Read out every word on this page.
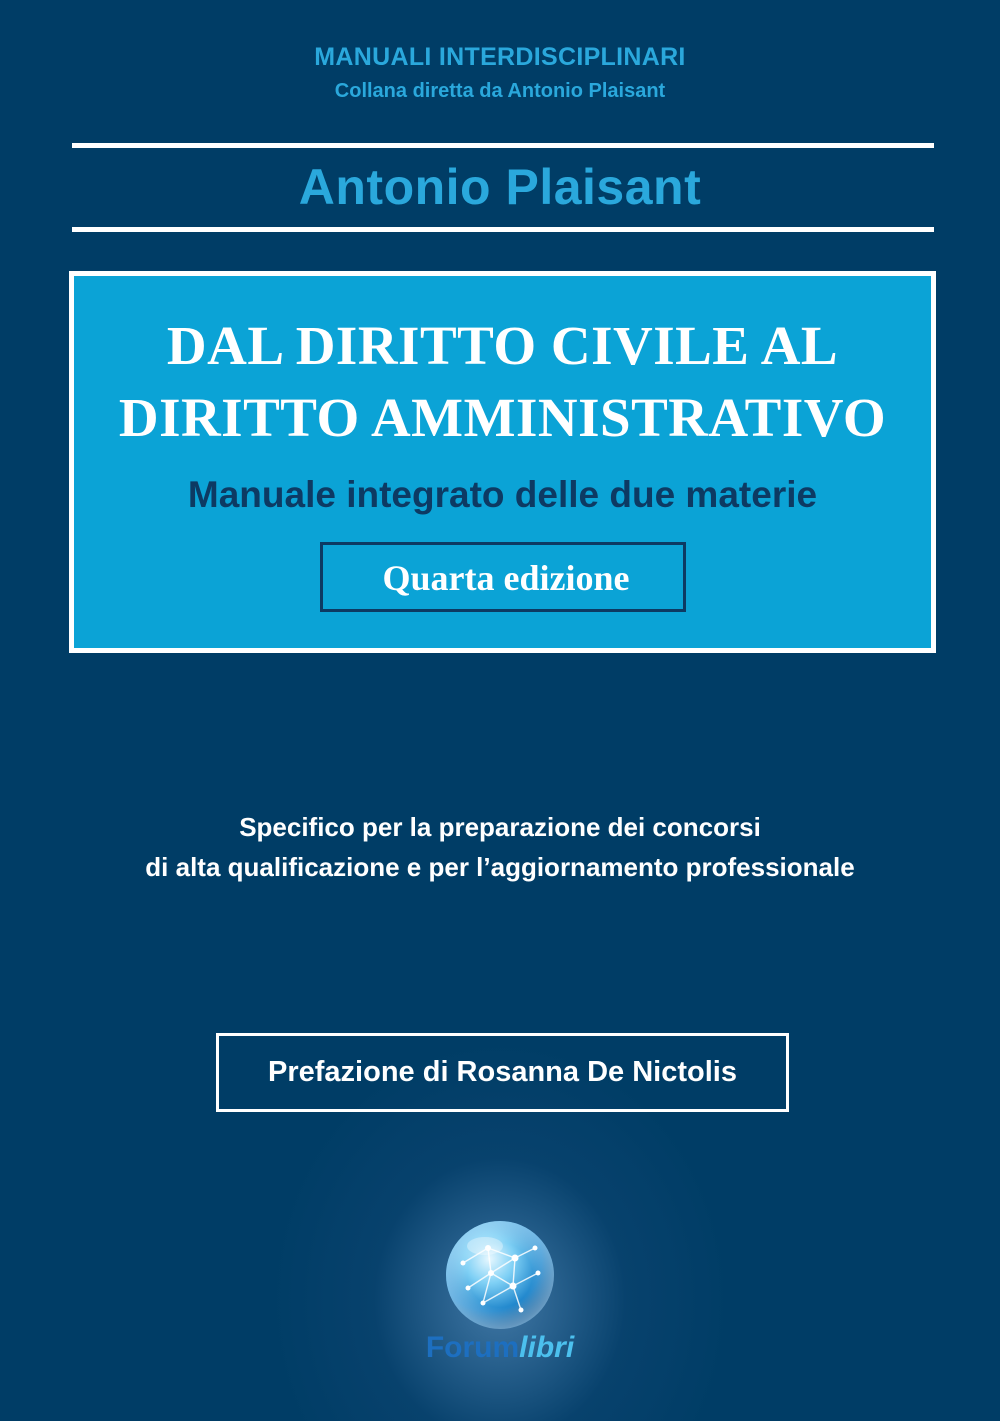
MANUALI INTERDISCIPLINARI
Collana diretta da Antonio Plaisant
Antonio Plaisant
DAL DIRITTO CIVILE AL
DIRITTO AMMINISTRATIVO
Manuale integrato delle due materie
Quarta edizione
Specifico per la preparazione dei concorsi
di alta qualificazione e per l’aggiornamento professionale
Prefazione di Rosanna De Nictolis
Forumlibri
